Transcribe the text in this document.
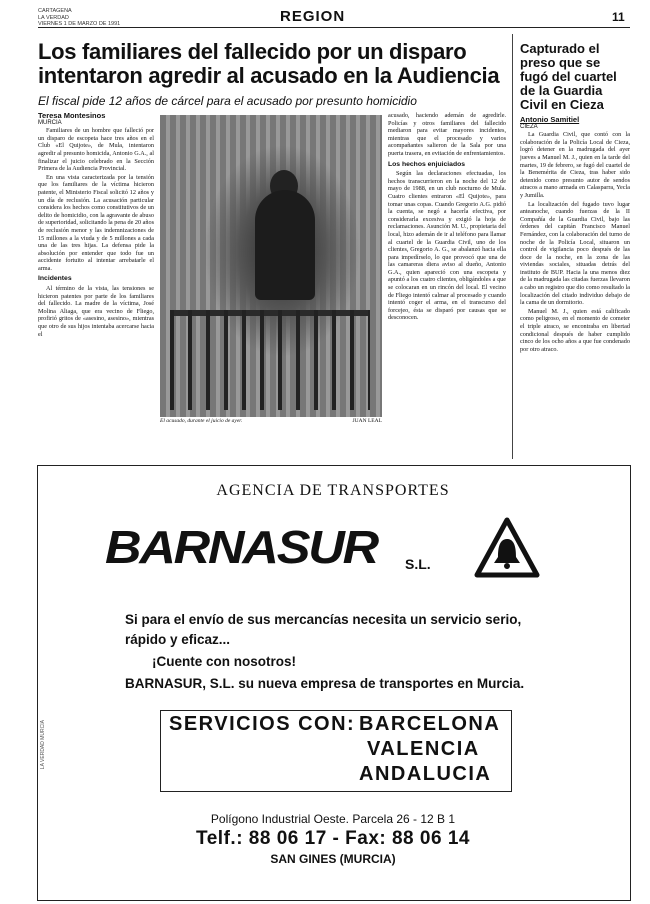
CARTAGENA
LA VERDAD
VIERNES 1 DE MARZO DE 1991	REGION	11
Los familiares del fallecido por un disparo intentaron agredir al acusado en la Audiencia
El fiscal pide 12 años de cárcel para el acusado por presunto homicidio
Teresa Montesinos
MURCIA

Familiares de un hombre que falleció por un disparo de escopeta hace tres años en el Club «El Quijote», de Mula, intentaron agredir al presunto homicida, Antonio G.A., al finalizar el juicio celebrado en la Sección Primera de la Audiencia Provincial.

En una vista caracterizada por la tensión que los familiares de la víctima hicieron patente, el Ministerio Fiscal solicitó 12 años y un día de reclusión. La acusación particular considera los hechos como constitutivos de un delito de homicidio, con la agravante de abuso de superioridad, solicitando la pena de 20 años de reclusión menor y las indemnizaciones de 15 millones a la viuda y de 5 millones a cada una de las tres hijas. La defensa pide la absolución por entender que todo fue un accidente fortuito al intentar arrebatarle el arma.

Incidentes

Al término de la vista, las tensiones se hicieron patentes por parte de los familiares del fallecido. La madre de la víctima, José Molina Aliaga, que era vecino de Fliego, profirió gritos de «asesino, asesino», mientras que otro de sus hijos intentaba acercarse hacia el

El acusado, durante el juicio de ayer.	JUAN LEAL

acusado, haciendo ademán de agredirle. Policías y otros familiares del fallecido mediaron para evitar mayores incidentes, mientras que el procesado y varios acompañantes salieron de la Sala por una puerta trasera, en evitación de enfrentamientos.

Los hechos enjuiciados

Según las declaraciones efectuadas, los hechos transcurrieron en la noche del 12 de mayo de 1988, en un club nocturno de Mula. Cuatro clientes entraron «El Quijote», para tomar unas copas. Cuando Gregorio A.G. pidió la cuenta, se negó a hacerla efectiva, por considerarla excesiva y exigió la hoja de reclamaciones. Asunción M. U., propietaria del local, hizo ademán de ir al teléfono para llamar al cuartel de la Guardia Civil, uno de los clientes, Gregorio A. G., se abalanzó hacia ella para impedírselo, lo que provocó que una de las camareras diera aviso al dueño, Antonio G.A., quien apareció con una escopeta y apuntó a los cuatro clientes, obligándoles a que se colocaran en un rincón del local. El vecino de Fliego intentó calmar al procesado y cuando intentó coger el arma, en el transcurso del forcejeo, ésta se disparó por causas que se desconocen.

Capturado el preso que se fugó del cuartel de la Guardia Civil en Cieza
Antonio Samitiel
CIEZA

La Guardia Civil, que contó con la colaboración de la Policía Local de Cieza, logró detener en la madrugada del ayer jueves a Manuel M. J., quien en la tarde del martes, 19 de febrero, se fugó del cuartel de la Benemérita de Cieza, tras haber sido detenido como presunto autor de sendos atracos a mano armada en Calasparra, Yecla y Jumilla.

La localización del fugado tuvo lugar anteanoche, cuando fuerzas de la II Compañía de la Guardia Civil, bajo las órdenes del capitán Francisco Manuel Fernández, con la colaboración del turno de noche de la Policía Local, situaron un control de vigilancia poco después de las doce de la noche, en la zona de las viviendas sociales, situadas detrás del instituto de BUP. Hacia la una menos diez de la madrugada las citadas fuerzas llevaron a cabo un registro que dio como resultado la localización del citado individuo debajo de la cama de un dormitorio.

Manuel M. J., quien está calificado como peligroso, en el momento de cometer el triple atraco, se encontraba en libertad condicional después de haber cumplido cinco de los ocho años a que fue condenado por otro atraco.

AGENCIA DE TRANSPORTES
BARNASUR S.L.
Si para el envío de sus mercancías necesita un servicio serio,
rápido y eficaz...
¡Cuente con nosotros!
BARNASUR, S.L. su nueva empresa de transportes en Murcia.
SERVICIOS CON: BARCELONA
VALENCIA
ANDALUCIA
Polígono Industrial Oeste. Parcela 26 - 12 B 1
Telf.: 88 06 17 - Fax: 88 06 14
SAN GINES (MURCIA)
LA VERDAD MURCIA
